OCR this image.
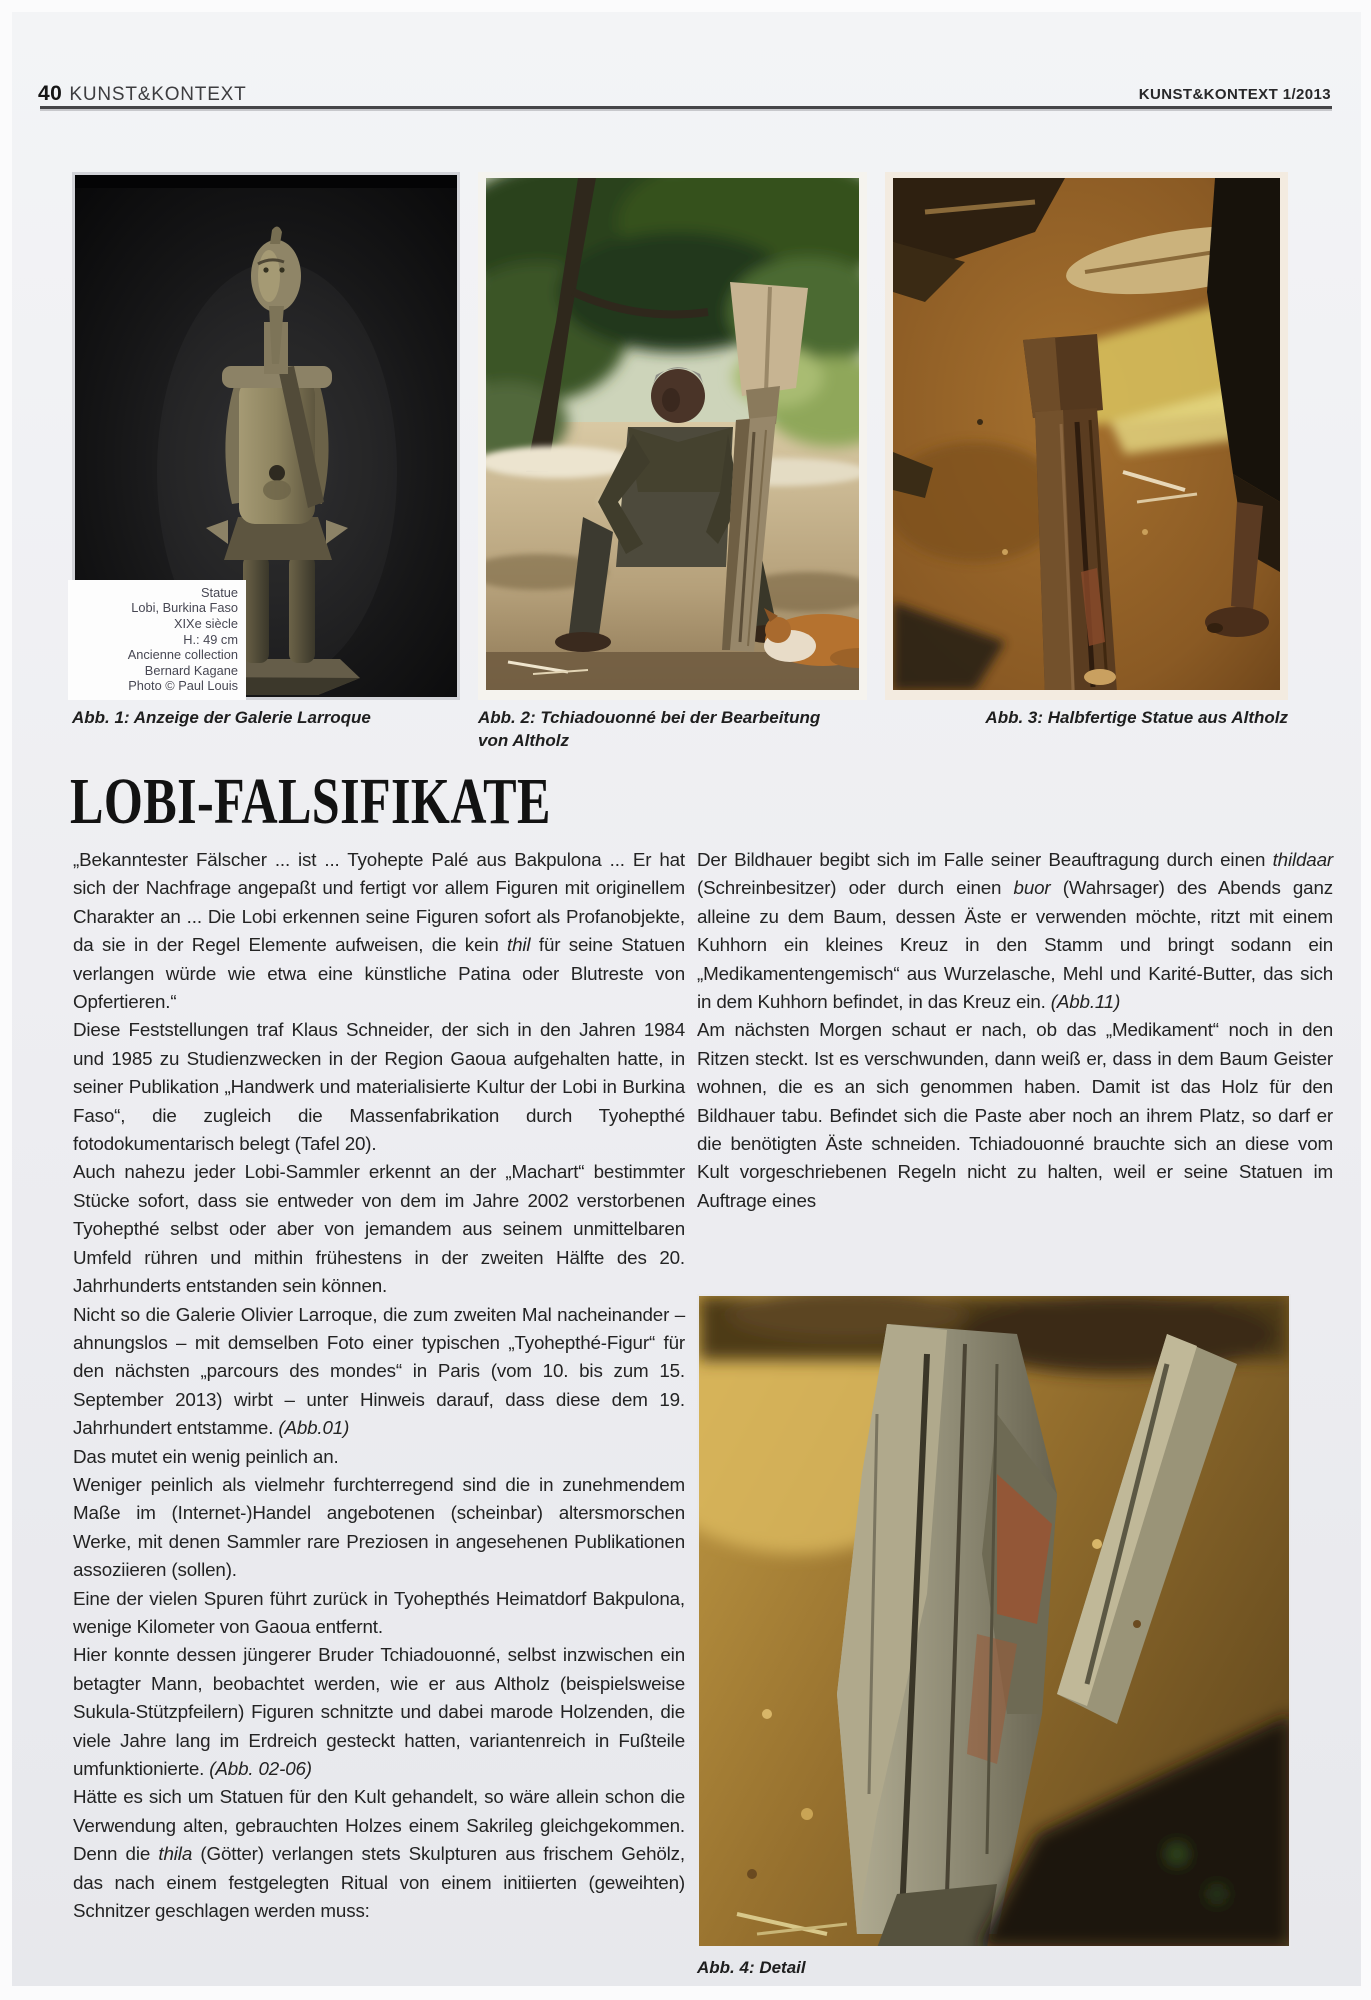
40 KUNST&KONTEXT	KUNST&KONTEXT 1/2013
Statue
Lobi, Burkina Faso
XIXe siècle
H.: 49 cm
Ancienne collection
Bernard Kagane
Photo © Paul Louis
Abb. 1: Anzeige der Galerie Larroque	Abb. 2: Tchiadouonné bei der Bearbeitung von Altholz
Abb. 3: Halbfertige Statue aus Altholz
LOBI-FALSIFIKATE

„Bekanntester Fälscher ... ist ... Tyohepte Palé aus Bakpulona ... Er hat sich der Nachfrage angepaßt und fertigt vor allem Figuren mit originellem Charakter an ... Die Lobi erkennen seine Figuren sofort als Profanobjekte, da sie in der Regel Elemente aufweisen, die kein thil für seine Statuen verlangen würde wie etwa eine künstliche Patina oder Blutreste von Opfertieren.“

Diese Feststellungen traf Klaus Schneider, der sich in den Jahren 1984 und 1985 zu Studienzwecken in der Region Gaoua aufgehalten hatte, in seiner Publikation „Handwerk und materialisierte Kultur der Lobi in Burkina Faso“, die zugleich die Massenfabrikation durch Tyohepthé fotodokumentarisch belegt (Tafel 20).

Auch nahezu jeder Lobi-Sammler erkennt an der „Machart“ bestimmter Stücke sofort, dass sie entweder von dem im Jahre 2002 verstorbenen Tyohepthé selbst oder aber von jemandem aus seinem unmittelbaren Umfeld rühren und mithin frühestens in der zweiten Hälfte des 20. Jahrhunderts entstanden sein können.

Nicht so die Galerie Olivier Larroque, die zum zweiten Mal nacheinander – ahnungslos – mit demselben Foto einer typischen „Tyohepthé-Figur“ für den nächsten „parcours des mondes“ in Paris (vom 10. bis zum 15. September 2013) wirbt – unter Hinweis darauf, dass diese dem 19. Jahrhundert entstamme. (Abb.01)

Das mutet ein wenig peinlich an.

Weniger peinlich als vielmehr furchterregend sind die in zunehmendem Maße im (Internet-)Handel angebotenen (scheinbar) altersmorschen Werke, mit denen Sammler rare Preziosen in angesehenen Publikationen assoziieren (sollen).

Eine der vielen Spuren führt zurück in Tyohepthés Heimatdorf Bakpulona, wenige Kilometer von Gaoua entfernt.

Hier konnte dessen jüngerer Bruder Tchiadouonné, selbst inzwischen ein betagter Mann, beobachtet werden, wie er aus Altholz (beispielsweise Sukula-Stützpfeilern) Figuren schnitzte und dabei marode Holzenden, die viele Jahre lang im Erdreich gesteckt hatten, variantenreich in Fußteile umfunktionierte. (Abb. 02-06)

Hätte es sich um Statuen für den Kult gehandelt, so wäre allein schon die Verwendung alten, gebrauchten Holzes einem Sakrileg gleichgekommen. Denn die thila (Götter) verlangen stets Skulpturen aus frischem Gehölz, das nach einem festgelegten Ritual von einem initiierten (geweihten) Schnitzer geschlagen werden muss:

Der Bildhauer begibt sich im Falle seiner Beauftragung durch einen thildaar (Schreinbesitzer) oder durch einen buor (Wahrsager) des Abends ganz alleine zu dem Baum, dessen Äste er verwenden möchte, ritzt mit einem Kuhhorn ein kleines Kreuz in den Stamm und bringt sodann ein „Medikamentengemisch“ aus Wurzelasche, Mehl und Karité-Butter, das sich in dem Kuhhorn befindet, in das Kreuz ein. (Abb.11)

Am nächsten Morgen schaut er nach, ob das „Medikament“ noch in den Ritzen steckt. Ist es verschwunden, dann weiß er, dass in dem Baum Geister wohnen, die es an sich genommen haben. Damit ist das Holz für den Bildhauer tabu. Befindet sich die Paste aber noch an ihrem Platz, so darf er die benötigten Äste schneiden. Tchiadouonné brauchte sich an diese vom Kult vorgeschriebenen Regeln nicht zu halten, weil er seine Statuen im Auftrage eines

Abb. 4: Detail
